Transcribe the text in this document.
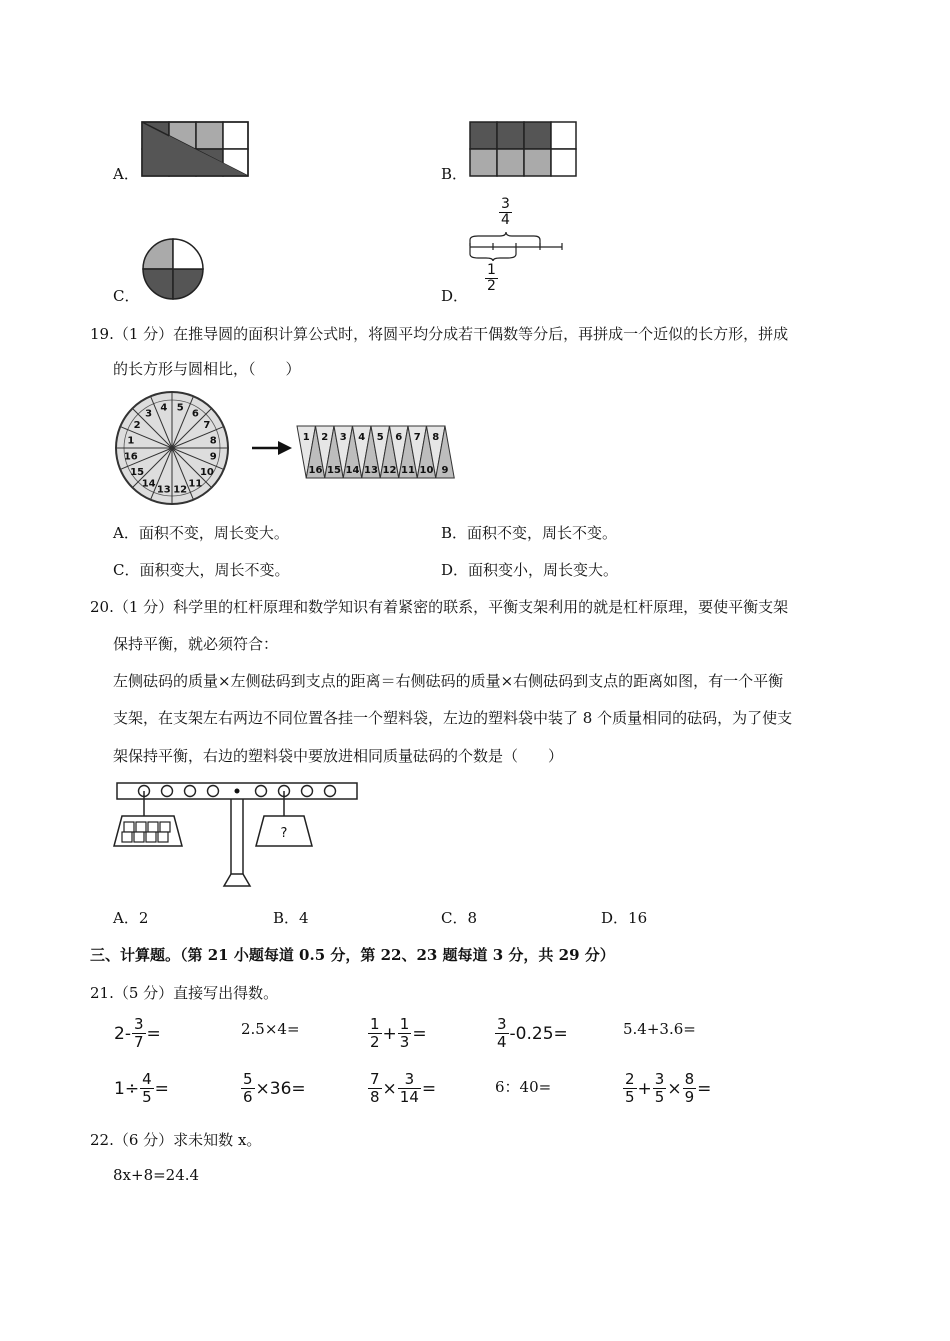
A．	B．
C．	D．
$\frac{3}{4}$
$\frac{1}{2}$
19.（1 分）在推导圆的面积计算公式时，将圆平均分成若干偶数等分后，再拼成一个近似的长方形，拼成
的长方形与圆相比，（　　）
1
2
3
4 5
6
7
8
9
10
11
12
13
14
15
16
1 2 3 4 5 6 7 8
16 15 14 13 12 11 10 9
A．面积不变，周长变大。	B．面积不变，周长不变。
C．面积变大，周长不变。	D．面积变小，周长变大。
20.（1 分）科学里的杠杆原理和数学知识有着紧密的联系，平衡支架利用的就是杠杆原理，要使平衡支架
保持平衡，就必须符合：
左侧砝码的质量×左侧砝码到支点的距离＝右侧砝码的质量×右侧砝码到支点的距离如图，有一个平衡
支架，在支架左右两边不同位置各挂一个塑料袋，左边的塑料袋中装了 8 个质量相同的砝码，为了使支
架保持平衡，右边的塑料袋中要放进相同质量砝码的个数是（　　）
?
A．2	B．4	C．8	D．16
三、计算题。（第 21 小题每道 0.5 分，第 22、23 题每道 3 分，共 29 分）
21.（5 分）直接写出得数。
$2- \frac{3}{7}$ =	2.5×4=	$\frac{1}{2} + \frac{1}{3}$ =	$\frac{3}{4} -0.25=$	5.4+3.6=
$1\div \frac{4}{5}$ =	$\frac{5}{6} \times 36=$	$\frac{7}{8} \times \frac{3}{14}$ =	6：40=	$\frac{2}{5} + \frac{3}{5} \times \frac{8}{9}$ =
22.（6 分）求未知数 x。
8x+8=24.4
